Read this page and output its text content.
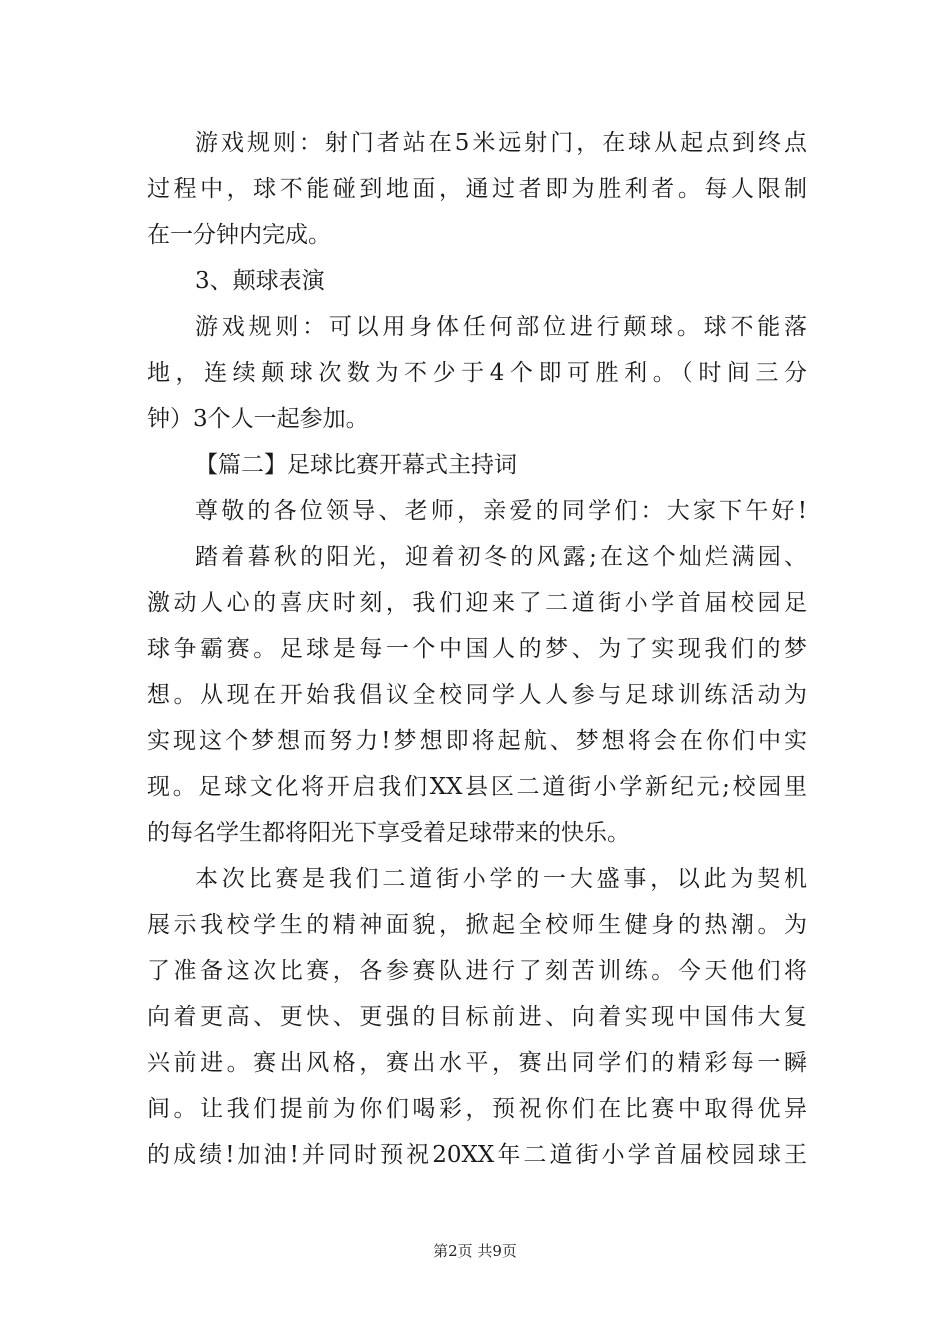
游戏规则：射门者站在5米远射门，在球从起点到终点
过程中，球不能碰到地面，通过者即为胜利者。每人限制
在一分钟内完成。
3、颠球表演
游戏规则：可以用身体任何部位进行颠球。球不能落
地，连续颠球次数为不少于4个即可胜利。（时间三分
钟）3个人一起参加。
【篇二】足球比赛开幕式主持词
尊敬的各位领导、老师，亲爱的同学们：大家下午好!
踏着暮秋的阳光，迎着初冬的风露;在这个灿烂满园、
激动人心的喜庆时刻，我们迎来了二道街小学首届校园足
球争霸赛。足球是每一个中国人的梦、为了实现我们的梦
想。从现在开始我倡议全校同学人人参与足球训练活动为
实现这个梦想而努力!梦想即将起航、梦想将会在你们中实
现。足球文化将开启我们XX县区二道街小学新纪元;校园里
的每名学生都将阳光下享受着足球带来的快乐。
本次比赛是我们二道街小学的一大盛事，以此为契机
展示我校学生的精神面貌，掀起全校师生健身的热潮。为
了准备这次比赛，各参赛队进行了刻苦训练。今天他们将
向着更高、更快、更强的目标前进、向着实现中国伟大复
兴前进。赛出风格，赛出水平，赛出同学们的精彩每一瞬
间。让我们提前为你们喝彩，预祝你们在比赛中取得优异
的成绩!加油!并同时预祝20XX年二道街小学首届校园球王
第2页 共9页
